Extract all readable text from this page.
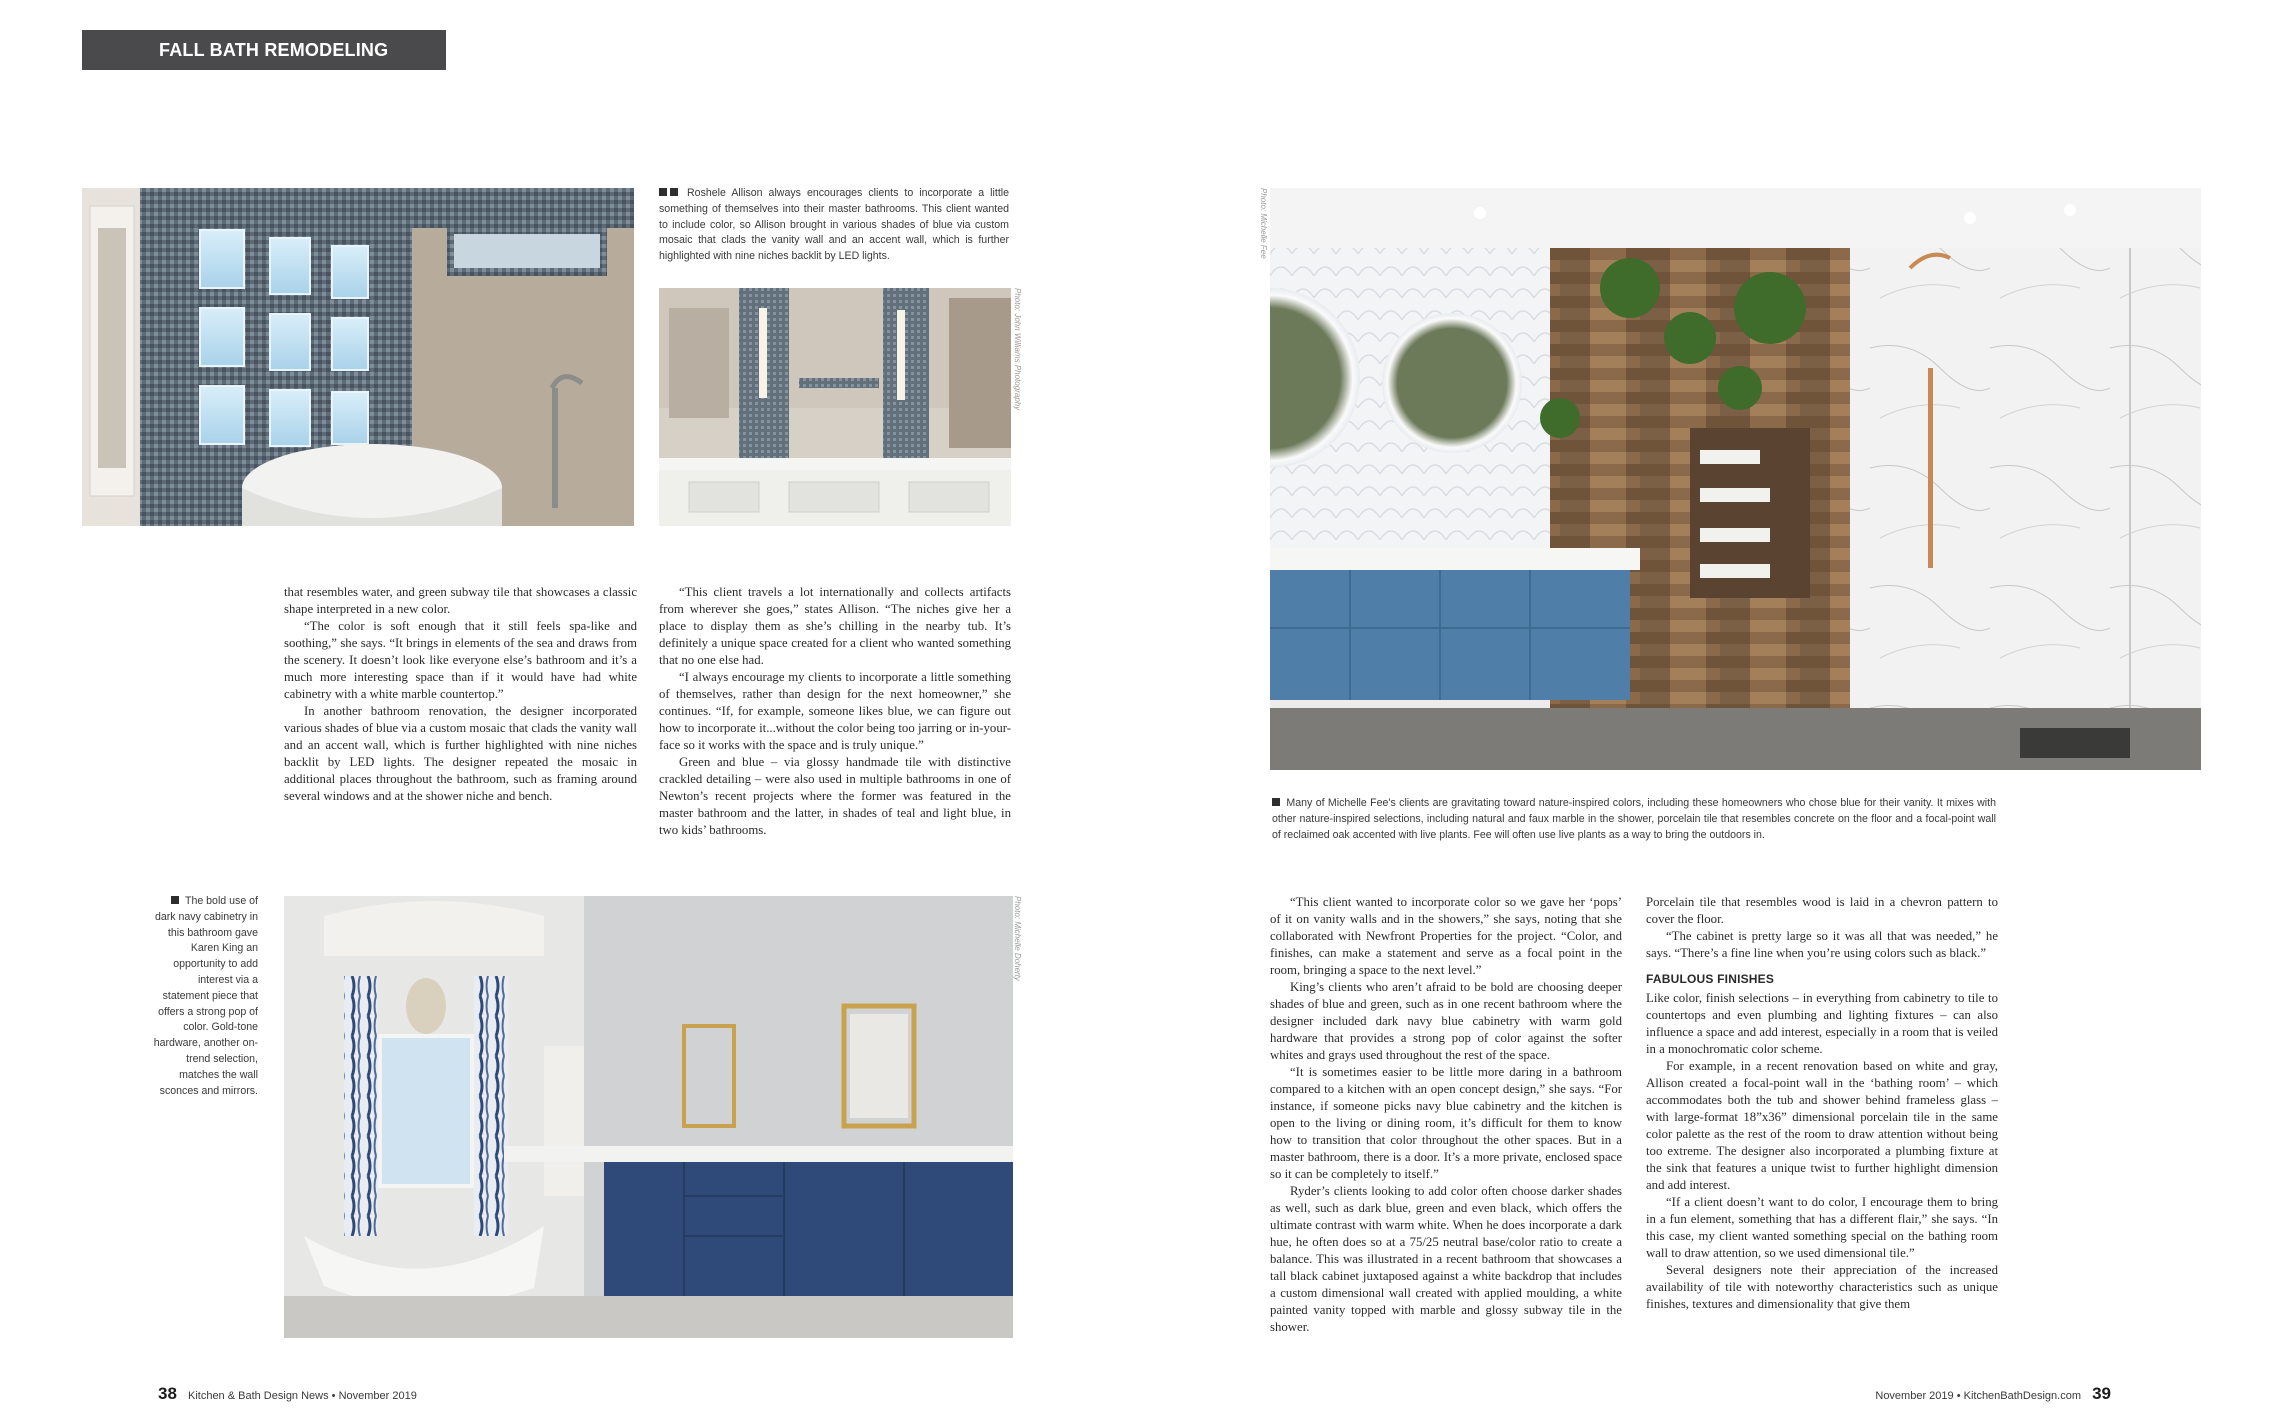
FALL BATH REMODELING REPORT
Roshele Allison always encourages clients to incorporate a little something of themselves into their master bathrooms. This client wanted to include color, so Allison brought in various shades of blue via custom mosaic that clads the vanity wall and an accent wall, which is further highlighted with nine niches backlit by LED lights.
Photo: John Williams Photography
Photo: Michelle Fee
Many of Michelle Fee's clients are gravitating toward nature-inspired colors, including these homeowners who chose blue for their vanity. It mixes with other nature-inspired selections, including natural and faux marble in the shower, porcelain tile that resembles concrete on the floor and a focal-point wall of reclaimed oak accented with live plants. Fee will often use live plants as a way to bring the outdoors in.
Photo: Michelle Doherty
The bold use of dark navy cabinetry in this bathroom gave Karen King an opportunity to add interest via a statement piece that offers a strong pop of color. Gold-tone hardware, another on-trend selection, matches the wall sconces and mirrors.

that resembles water, and green subway tile that showcases a classic shape interpreted in a new color.

“The color is soft enough that it still feels spa-like and soothing,” she says. “It brings in elements of the sea and draws from the scenery. It doesn’t look like everyone else’s bathroom and it’s a much more interesting space than if it would have had white cabinetry with a white marble countertop.”

In another bathroom renovation, the designer incorporated various shades of blue via a custom mosaic that clads the vanity wall and an accent wall, which is further highlighted with nine niches backlit by LED lights. The designer repeated the mosaic in additional places throughout the bathroom, such as framing around several windows and at the shower niche and bench.

“This client travels a lot internationally and collects artifacts from wherever she goes,” states Allison. “The niches give her a place to display them as she’s chilling in the nearby tub. It’s definitely a unique space created for a client who wanted something that no one else had.

“I always encourage my clients to incorporate a little something of themselves, rather than design for the next homeowner,” she continues. “If, for example, someone likes blue, we can figure out how to incorporate it...without the color being too jarring or in-your-face so it works with the space and is truly unique.”

Green and blue – via glossy handmade tile with distinctive crackled detailing – were also used in multiple bathrooms in one of Newton’s recent projects where the former was featured in the master bathroom and the latter, in shades of teal and light blue, in two kids’ bathrooms.

“This client wanted to incorporate color so we gave her ‘pops’ of it on vanity walls and in the showers,” she says, noting that she collaborated with Newfront Properties for the project. “Color, and finishes, can make a statement and serve as a focal point in the room, bringing a space to the next level.”

King’s clients who aren’t afraid to be bold are choosing deeper shades of blue and green, such as in one recent bathroom where the designer included dark navy blue cabinetry with warm gold hardware that provides a strong pop of color against the softer whites and grays used throughout the rest of the space.

“It is sometimes easier to be little more daring in a bathroom compared to a kitchen with an open concept design,” she says. “For instance, if someone picks navy blue cabinetry and the kitchen is open to the living or dining room, it’s difficult for them to know how to transition that color throughout the other spaces. But in a master bathroom, there is a door. It’s a more private, enclosed space so it can be completely to itself.”

Ryder’s clients looking to add color often choose darker shades as well, such as dark blue, green and even black, which offers the ultimate contrast with warm white. When he does incorporate a dark hue, he often does so at a 75/25 neutral base/color ratio to create a balance. This was illustrated in a recent bathroom that showcases a tall black cabinet juxtaposed against a white backdrop that includes a custom dimensional wall created with applied moulding, a white painted vanity topped with marble and glossy subway tile in the shower.

Porcelain tile that resembles wood is laid in a chevron pattern to cover the floor.

“The cabinet is pretty large so it was all that was needed,” he says. “There’s a fine line when you’re using colors such as black.”

FABULOUS FINISHES

Like color, finish selections – in everything from cabinetry to tile to countertops and even plumbing and lighting fixtures – can also influence a space and add interest, especially in a room that is veiled in a monochromatic color scheme.

For example, in a recent renovation based on white and gray, Allison created a focal-point wall in the ‘bathing room’ – which accommodates both the tub and shower behind frameless glass – with large-format 18”x36” dimensional porcelain tile in the same color palette as the rest of the room to draw attention without being too extreme. The designer also incorporated a plumbing fixture at the sink that features a unique twist to further highlight dimension and add interest.

“If a client doesn’t want to do color, I encourage them to bring in a fun element, something that has a different flair,” she says. “In this case, my client wanted something special on the bathing room wall to draw attention, so we used dimensional tile.”

Several designers note their appreciation of the increased availability of tile with noteworthy characteristics such as unique finishes, textures and dimensionality that give them

38 Kitchen & Bath Design News • November 2019	November 2019 • KitchenBathDesign.com 39
